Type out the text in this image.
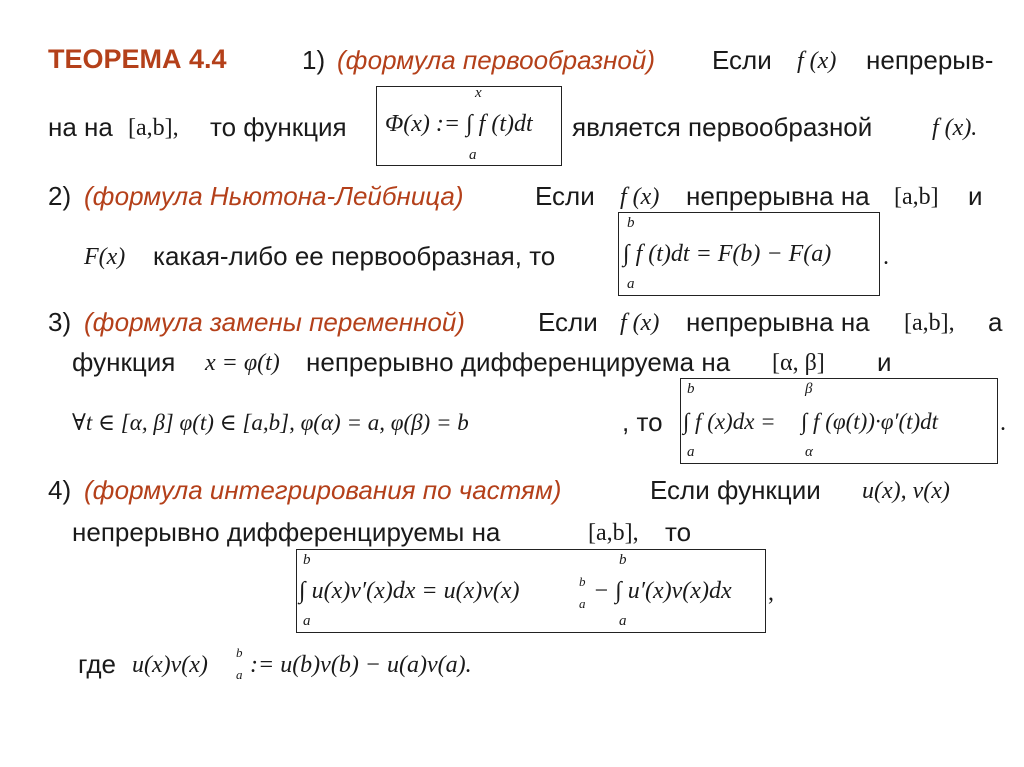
ТЕОРЕМА 4.4	1) (формула первообразной) Если f (x) непрерыв-
на на [a,b], то функция
x
a
Φ(x) := ∫ f (t)dt является первообразной f (x).
2) (формула Ньютона-Лейбница)	Если f (x) непрерывна на [a,b] и
F(x) какая-либо ее первообразная, то
b
a
∫ f (t)dt = F(b) − F(a) .
3) (формула замены переменной)	Если f (x) непрерывна на [a,b], а
функция x = φ(t) непрерывно дифференцируема на [α, β] и
∀t ∈ [α, β] φ(t) ∈ [a,b], φ(α) = a, φ(β) = b	, то
b
a
∫ f (x)dx =
β
α
∫ f (φ(t))·φ′(t)dt	.
4) (формула интегрирования по частям)	Если функции u(x), v(x)
непрерывно дифференцируемы на	[a,b], то
b
a
∫ u(x)v′(x)dx = u(x)v(x)	b
a
b
a
− ∫ u′(x)v(x)dx ,
где u(x)v(x) b
a := u(b)v(b) − u(a)v(a).
